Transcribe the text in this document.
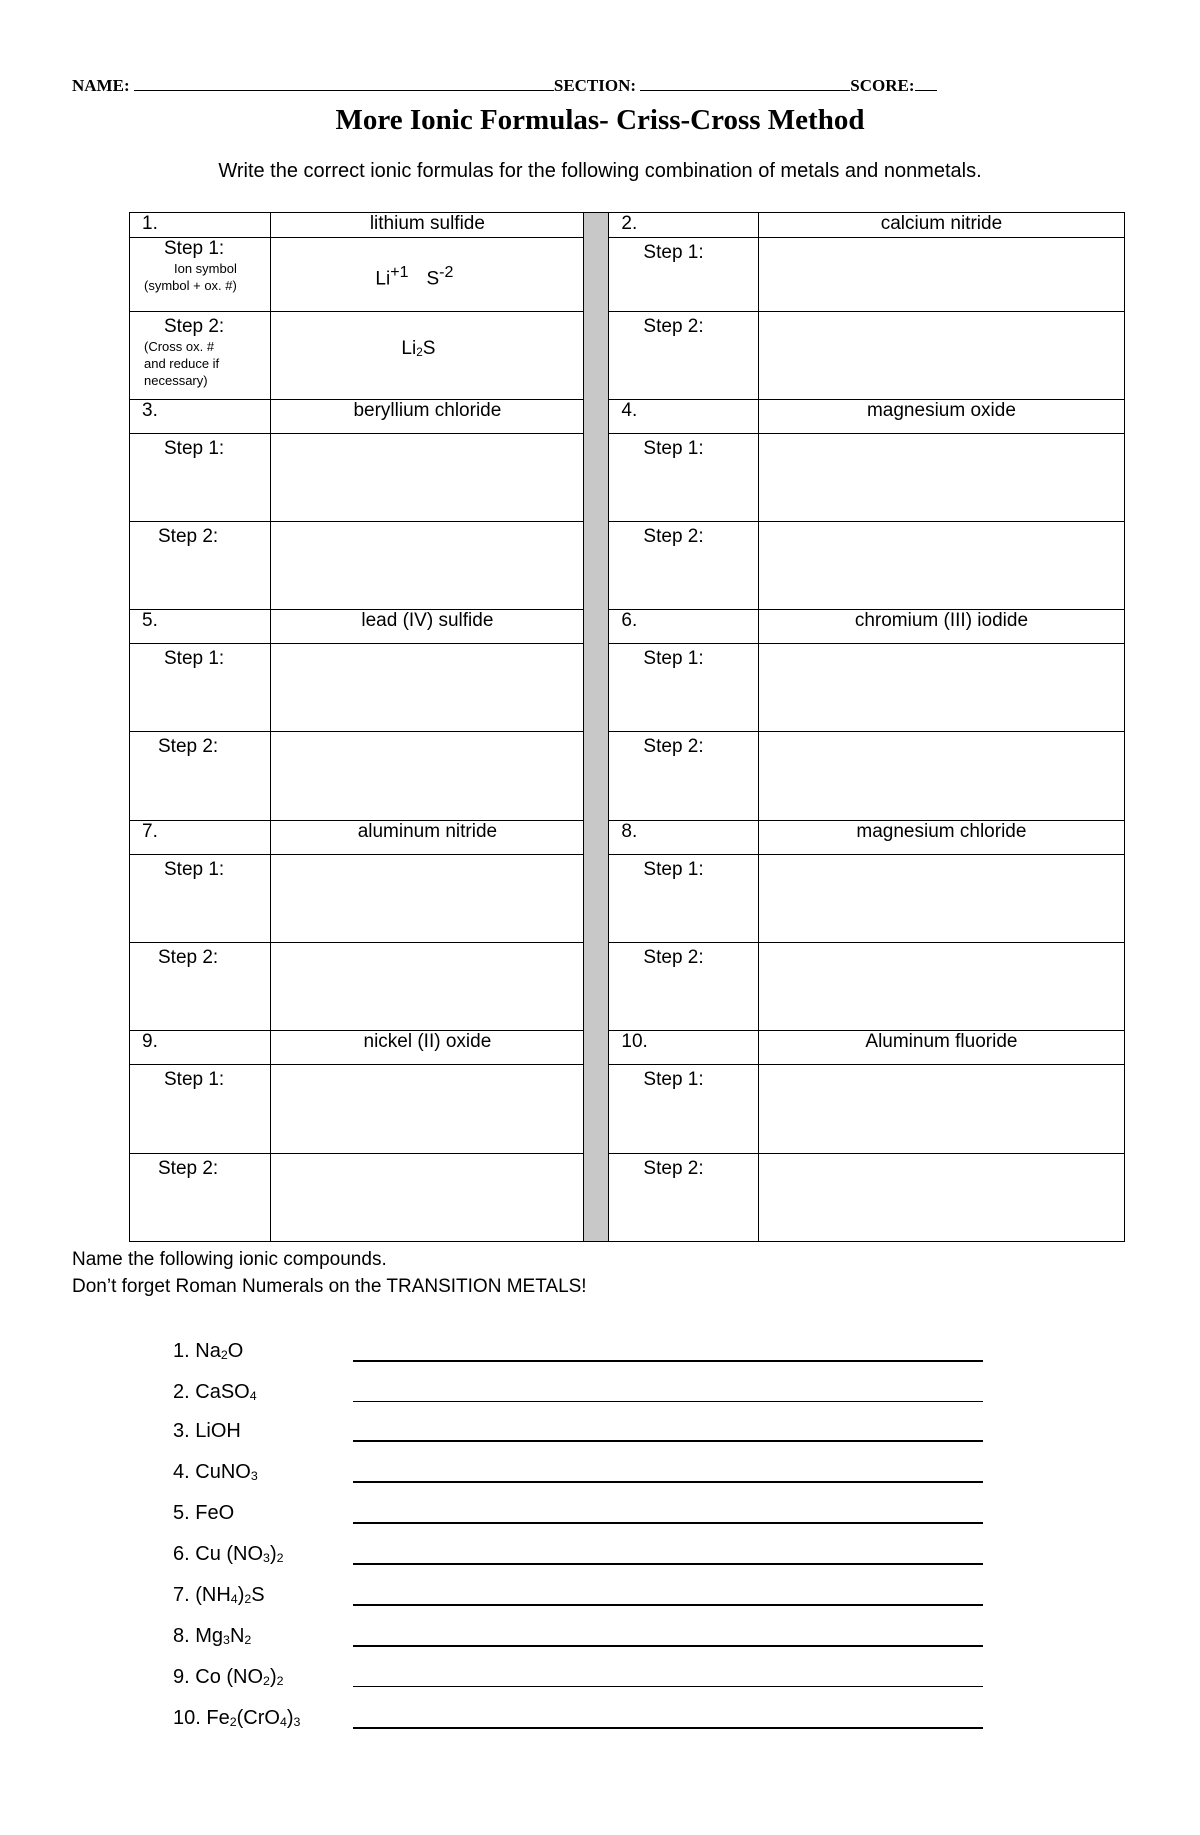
NAME:	SECTION:	SCORE:
More Ionic Formulas- Criss-Cross Method
Write the correct ionic formulas for the following combination of metals and nonmetals.
1.	lithium sulfide		2.	calcium nitride
Step 1:
Ion symbol
(symbol + ox. #)	$Li^{+1}$ $S^{-2}$		Step 1:	
Step 2:
(Cross ox. #
and reduce if
necessary)	$Li_2S$		Step 2:	
3.	beryllium chloride		4.	magnesium oxide
Step 1:			Step 1:	
Step 2:			Step 2:	
5.	lead (IV) sulfide		6.	chromium (III) iodide
Step 1:			Step 1:	
Step 2:			Step 2:	
7.	aluminum nitride		8.	magnesium chloride
Step 1:			Step 1:	
Step 2:			Step 2:	
9.	nickel (II) oxide		10.	Aluminum fluoride
Step 1:			Step 1:	
Step 2:			Step 2:	
Name the following ionic compounds.
Don’t forget Roman Numerals on the TRANSITION METALS!
1. $Na_2O$
2. CaSO$_4$
3. LiOH
4. CuNO$_3$
5. FeO
6. Cu $(NO_3)_2$
7. $(NH_4)_2S$
8. $Mg_3N_2$
9. Co $(NO_2)_2$
10. $Fe_2(CrO_4)_3$
